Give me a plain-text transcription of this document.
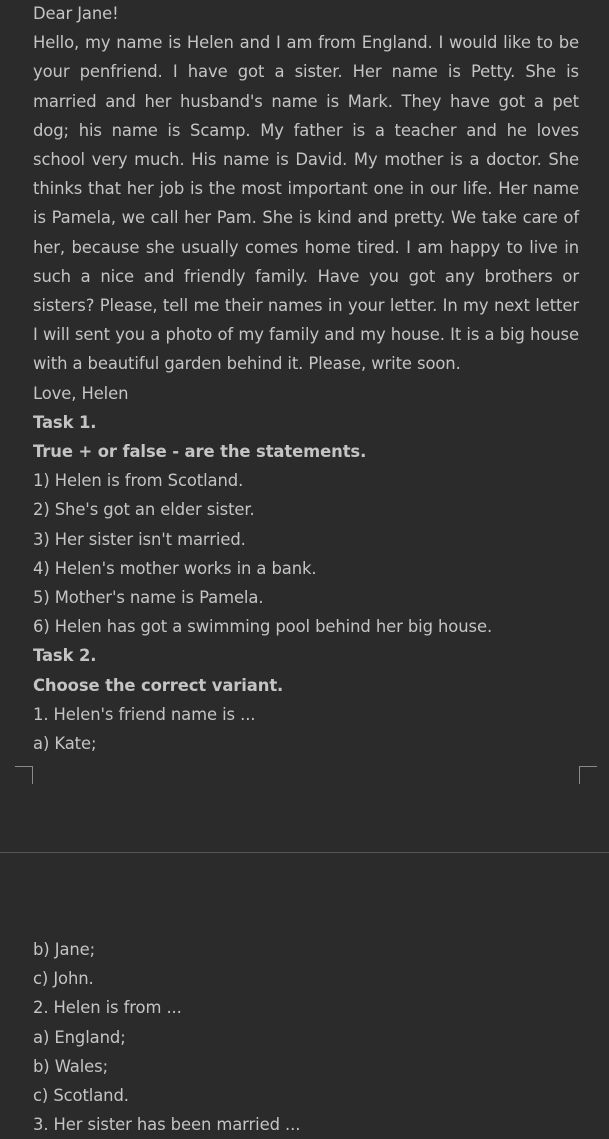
Dear Jane!

Hello, my name is Helen and I am from England. I would like to be your penfriend. I have got a sister. Her name is Petty. She is married and her husband's name is Mark. They have got a pet dog; his name is Scamp. My father is a teacher and he loves school very much. His name is David. My mother is a doctor. She thinks that her job is the most important one in our life. Her name is Pamela, we call her Pam. She is kind and pretty. We take care of her, because she usually comes home tired. I am happy to live in such a nice and friendly family. Have you got any brothers or sisters? Please, tell me their names in your letter. In my next letter I will sent you a photo of my family and my house. It is a big house with a beautiful garden behind it. Please, write soon.

Love, Helen

Task 1.

True + or false - are the statements.

1) Helen is from Scotland.

2) She's got an elder sister.

3) Her sister isn't married.

4) Helen's mother works in a bank.

5) Mother's name is Pamela.

6) Helen has got a swimming pool behind her big house.

Task 2.

Choose the correct variant.

1. Helen's friend name is ...

a) Kate;

b) Jane;

c) John.

2. Helen is from ...

a) England;

b) Wales;

c) Scotland.

3. Her sister has been married ...
